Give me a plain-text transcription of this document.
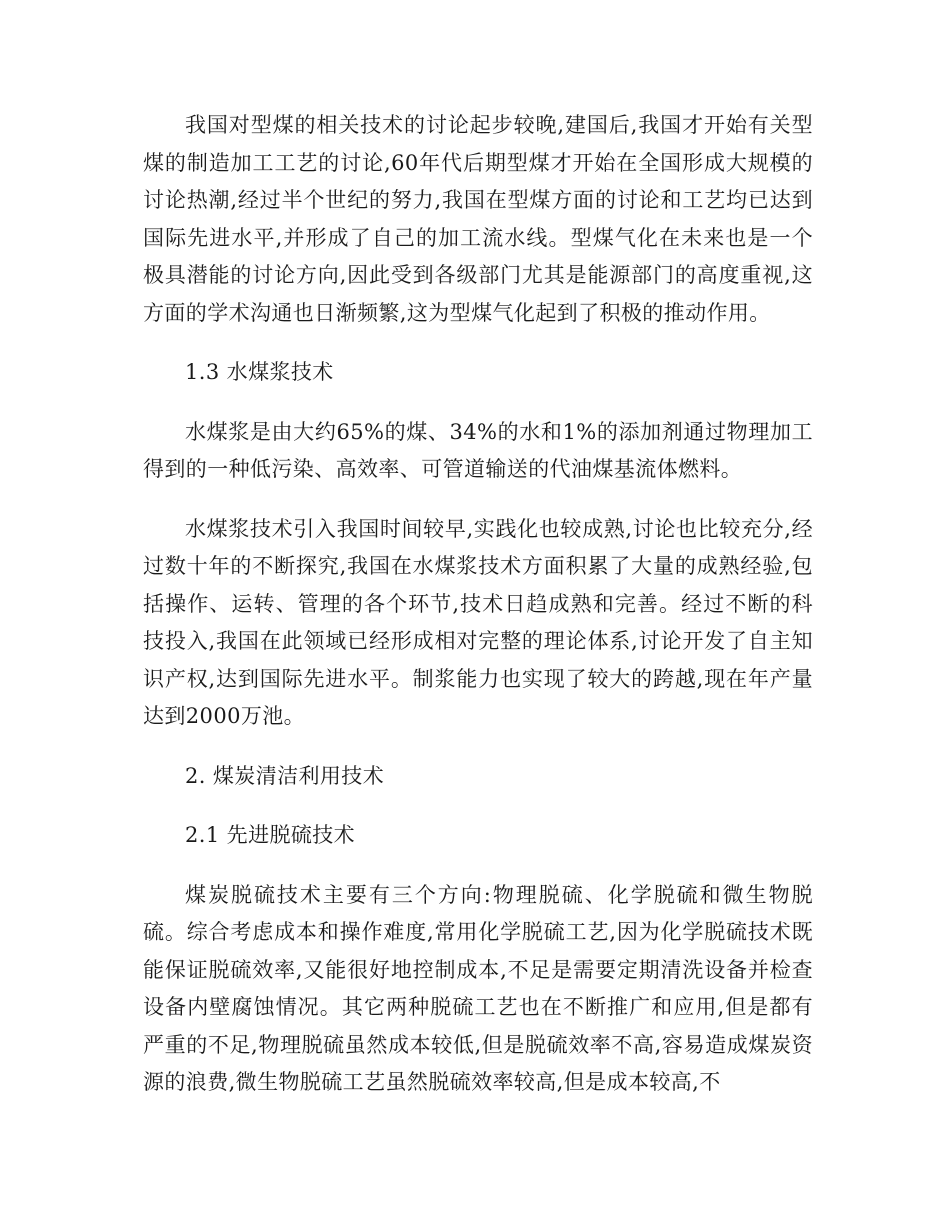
我国对型煤的相关技术的讨论起步较晚,建国后,我国才开始有关型煤的制造加工工艺的讨论,60年代后期型煤才开始在全国形成大规模的讨论热潮,经过半个世纪的努力,我国在型煤方面的讨论和工艺均已达到国际先进水平,并形成了自己的加工流水线。型煤气化在未来也是一个极具潜能的讨论方向,因此受到各级部门尤其是能源部门的高度重视,这方面的学术沟通也日渐频繁,这为型煤气化起到了积极的推动作用。

1.3 水煤浆技术

水煤浆是由大约65%的煤、34%的水和1%的添加剂通过物理加工得到的一种低污染、高效率、可管道输送的代油煤基流体燃料。

水煤浆技术引入我国时间较早,实践化也较成熟,讨论也比较充分,经过数十年的不断探究,我国在水煤浆技术方面积累了大量的成熟经验,包括操作、运转、管理的各个环节,技术日趋成熟和完善。经过不断的科技投入,我国在此领域已经形成相对完整的理论体系,讨论开发了自主知识产权,达到国际先进水平。制浆能力也实现了较大的跨越,现在年产量达到2000万池。

2. 煤炭清洁利用技术

2.1 先进脱硫技术

煤炭脱硫技术主要有三个方向:物理脱硫、化学脱硫和微生物脱硫。综合考虑成本和操作难度,常用化学脱硫工艺,因为化学脱硫技术既能保证脱硫效率,又能很好地控制成本,不足是需要定期清洗设备并检查设备内壁腐蚀情况。其它两种脱硫工艺也在不断推广和应用,但是都有严重的不足,物理脱硫虽然成本较低,但是脱硫效率不高,容易造成煤炭资源的浪费,微生物脱硫工艺虽然脱硫效率较高,但是成本较高,不
